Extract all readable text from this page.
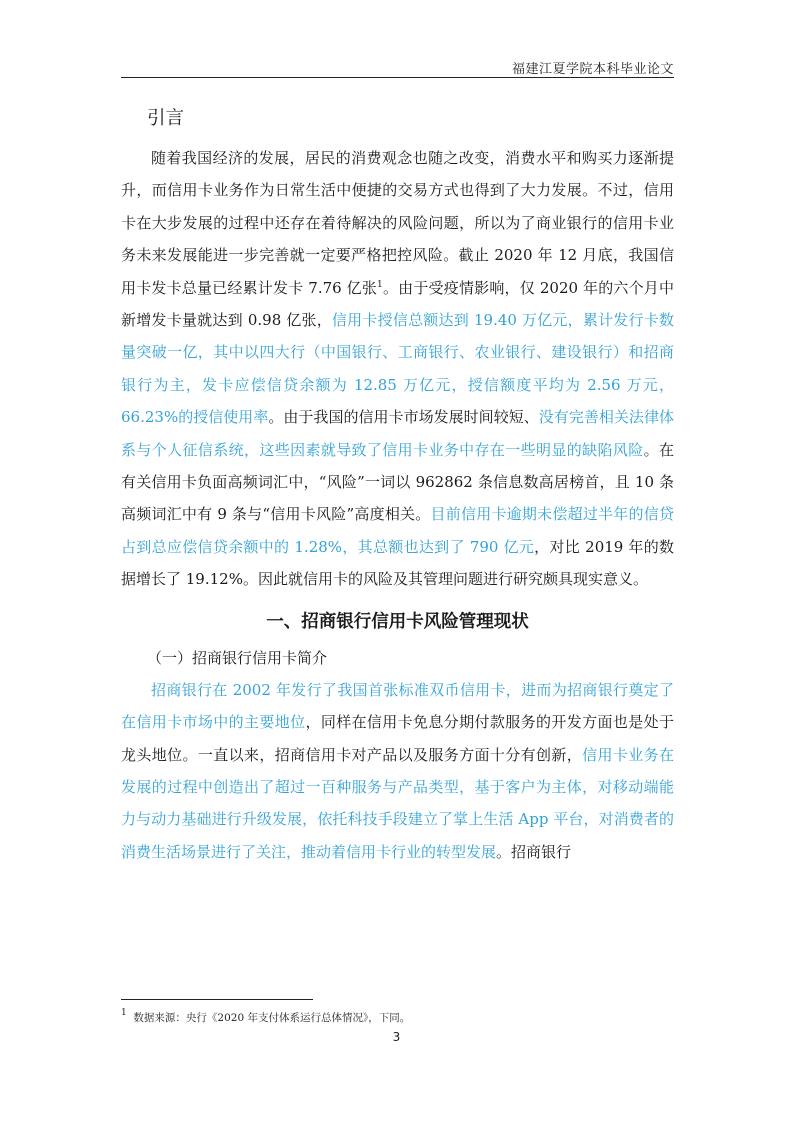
福建江夏学院本科毕业论文
引言

随着我国经济的发展，居民的消费观念也随之改变，消费水平和购买力逐渐提升，而信用卡业务作为日常生活中便捷的交易方式也得到了大力发展。不过，信用卡在大步发展的过程中还存在着待解决的风险问题，所以为了商业银行的信用卡业务未来发展能进一步完善就一定要严格把控风险。截止 2020 年 12 月底，我国信用卡发卡总量已经累计发卡 7.76 亿张$^1$。由于受疫情影响，仅 2020 年的六个月中新增发卡量就达到 0.98 亿张，信用卡授信总额达到 19.40 万亿元，累计发行卡数量突破一亿，其中以四大行（中国银行、工商银行、农业银行、建设银行）和招商银行为主，发卡应偿信贷余额为 12.85 万亿元，授信额度平均为 2.56 万元，66.23%的授信使用率。由于我国的信用卡市场发展时间较短、没有完善相关法律体系与个人征信系统，这些因素就导致了信用卡业务中存在一些明显的缺陷风险。在有关信用卡负面高频词汇中，“风险”一词以 962862 条信息数高居榜首，且 10 条高频词汇中有 9 条与“信用卡风险”高度相关。目前信用卡逾期未偿超过半年的信贷占到总应偿信贷余额中的 1.28%，其总额也达到了 790 亿元，对比 2019 年的数据增长了 19.12%。因此就信用卡的风险及其管理问题进行研究颇具现实意义。

一、招商银行信用卡风险管理现状
（一）招商银行信用卡简介

招商银行在 2002 年发行了我国首张标准双币信用卡，进而为招商银行奠定了在信用卡市场中的主要地位，同样在信用卡免息分期付款服务的开发方面也是处于龙头地位。一直以来，招商信用卡对产品以及服务方面十分有创新，信用卡业务在发展的过程中创造出了超过一百种服务与产品类型，基于客户为主体，对移动端能力与动力基础进行升级发展，依托科技手段建立了掌上生活 App 平台，对消费者的消费生活场景进行了关注，推动着信用卡行业的转型发展。招商银行

$^1$ 数据来源：央行《2020 年支付体系运行总体情况》，下同。
3
